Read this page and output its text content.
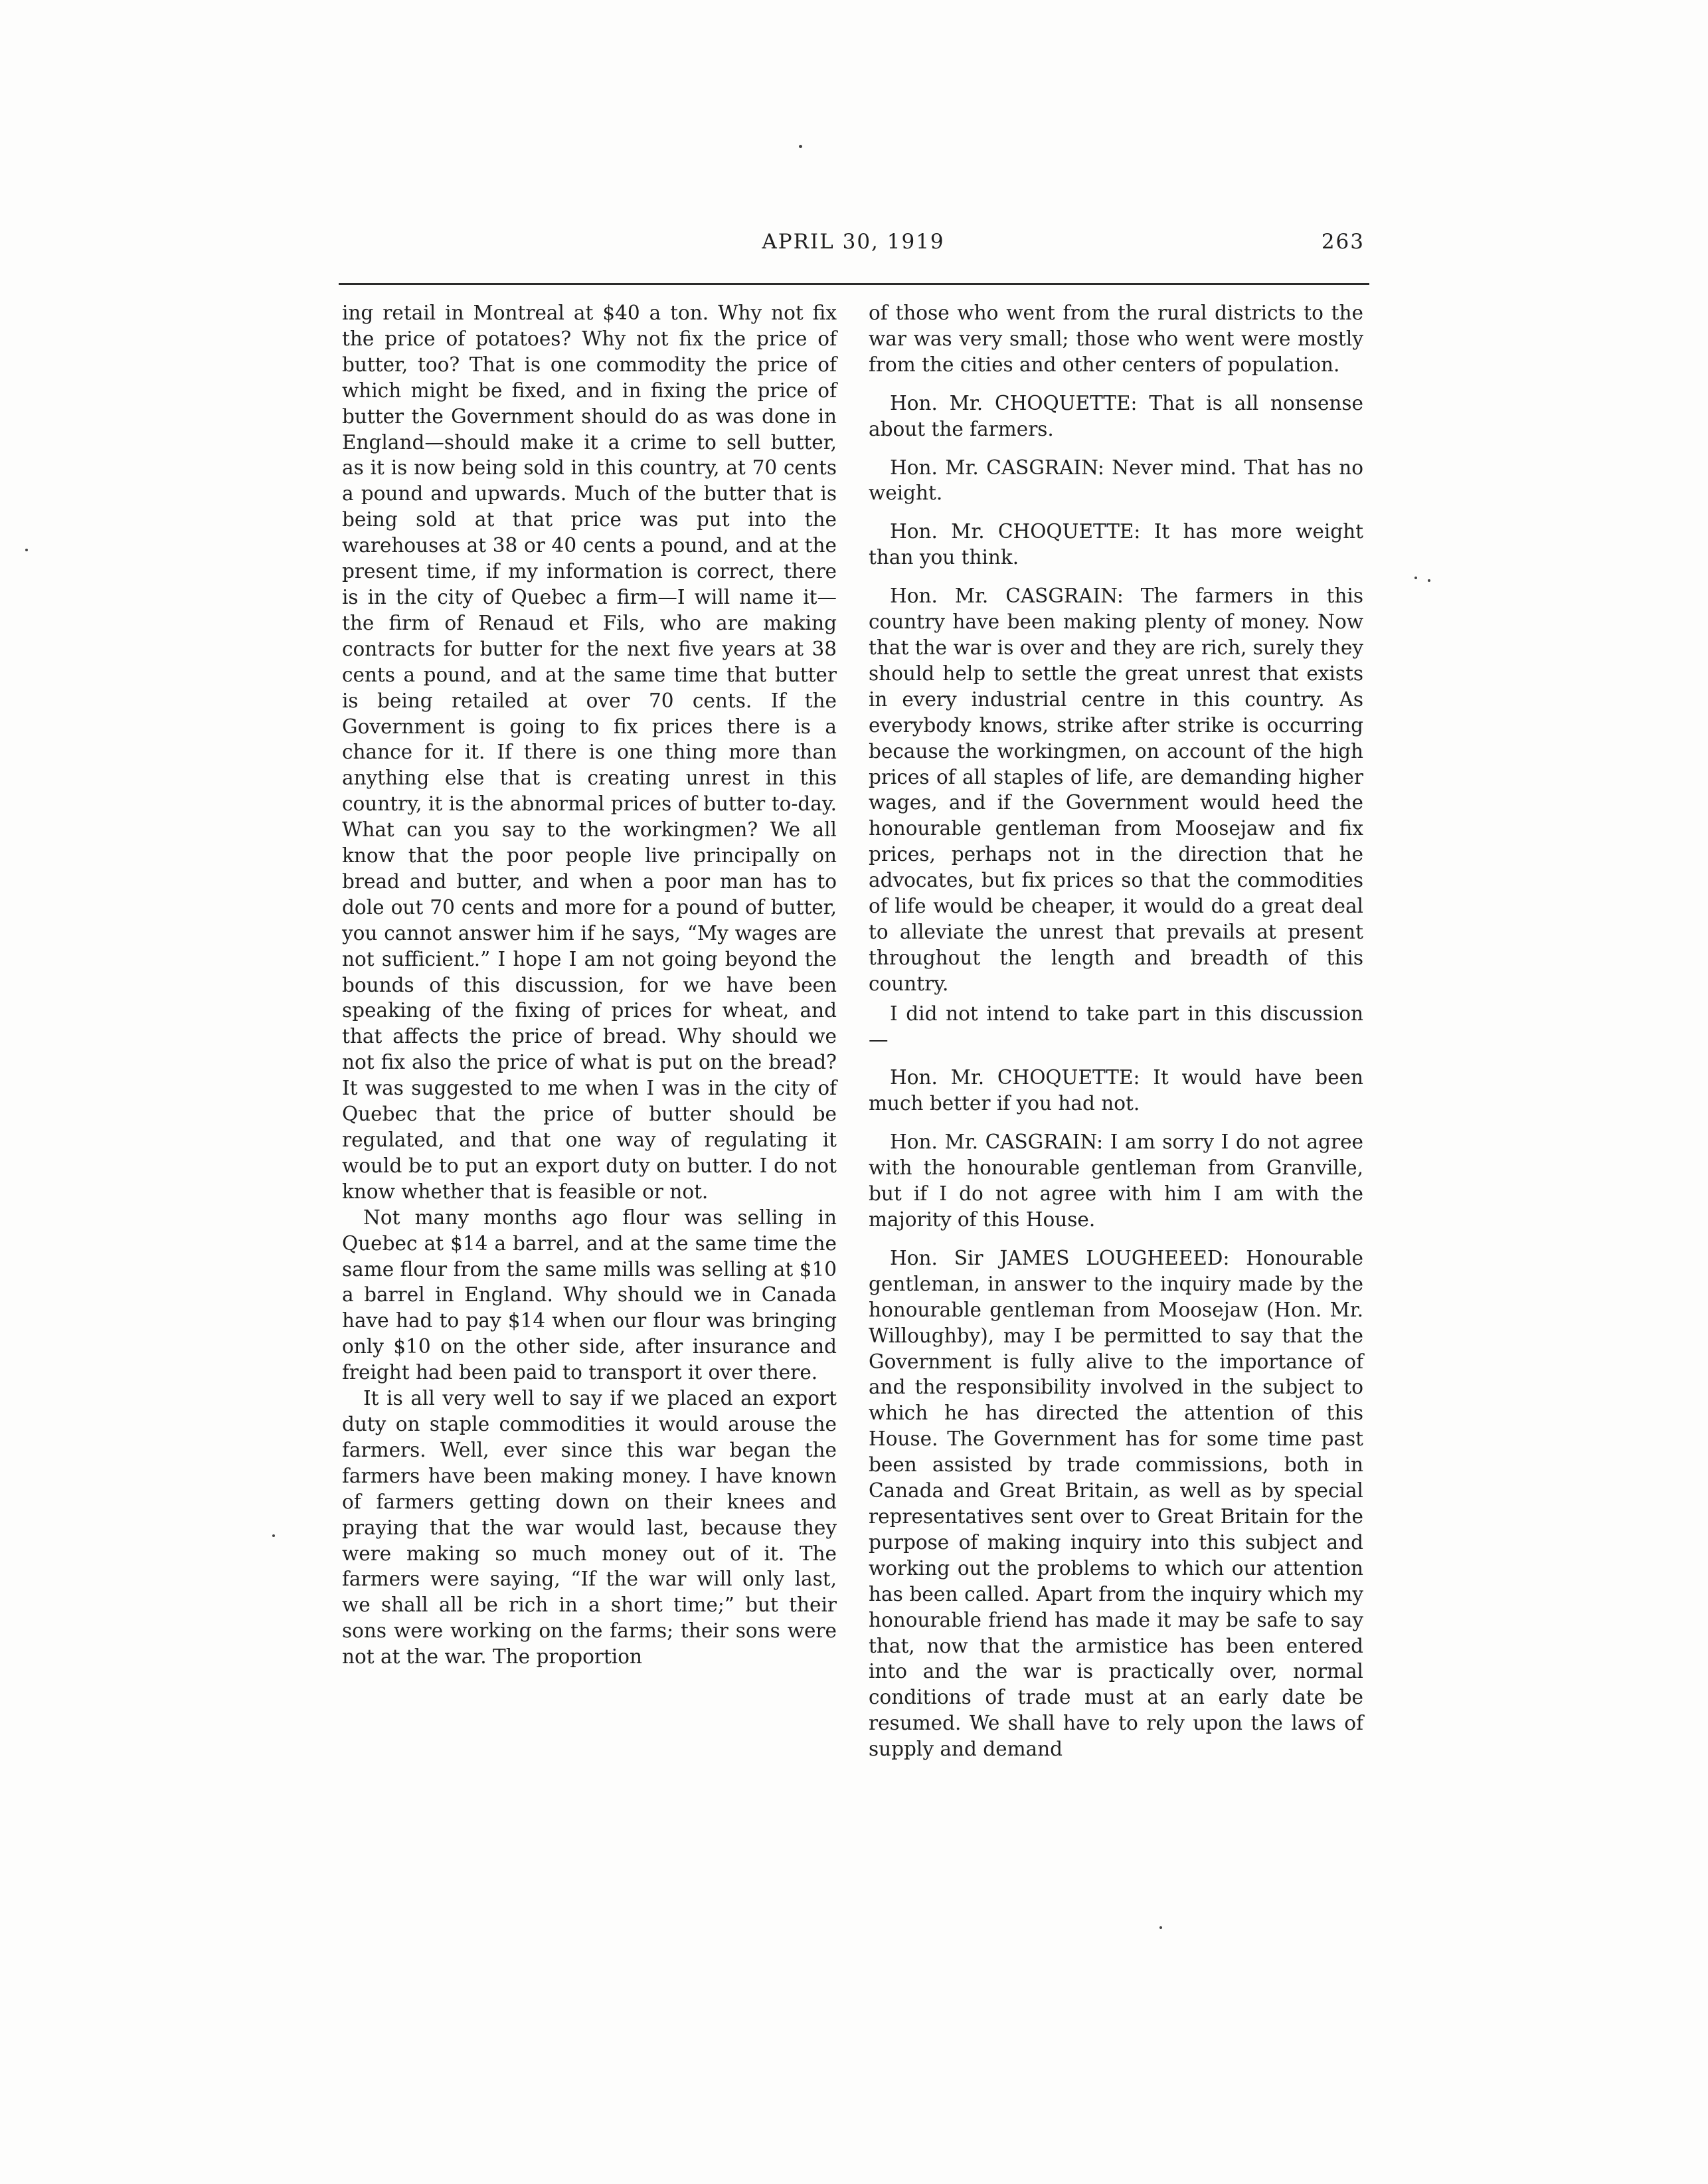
APRIL 30, 1919	263

ing retail in Montreal at $40 a ton. Why not fix the price of potatoes? Why not fix the price of butter, too? That is one commodity the price of which might be fixed, and in fixing the price of butter the Government should do as was done in England—should make it a crime to sell butter, as it is now being sold in this country, at 70 cents a pound and upwards. Much of the butter that is being sold at that price was put into the warehouses at 38 or 40 cents a pound, and at the present time, if my information is correct, there is in the city of Quebec a firm—I will name it—the firm of Renaud et Fils, who are making contracts for butter for the next five years at 38 cents a pound, and at the same time that butter is being retailed at over 70 cents. If the Government is going to fix prices there is a chance for it. If there is one thing more than anything else that is creating unrest in this country, it is the abnormal prices of butter to-day. What can you say to the workingmen? We all know that the poor people live principally on bread and butter, and when a poor man has to dole out 70 cents and more for a pound of butter, you cannot answer him if he says, “My wages are not sufficient.” I hope I am not going beyond the bounds of this discussion, for we have been speaking of the fixing of prices for wheat, and that affects the price of bread. Why should we not fix also the price of what is put on the bread? It was suggested to me when I was in the city of Quebec that the price of butter should be regulated, and that one way of regulating it would be to put an export duty on butter. I do not know whether that is feasible or not.

Not many months ago flour was selling in Quebec at $14 a barrel, and at the same time the same flour from the same mills was selling at $10 a barrel in England. Why should we in Canada have had to pay $14 when our flour was bringing only $10 on the other side, after insurance and freight had been paid to transport it over there.

It is all very well to say if we placed an export duty on staple commodities it would arouse the farmers. Well, ever since this war began the farmers have been making money. I have known of farmers getting down on their knees and praying that the war would last, because they were making so much money out of it. The farmers were saying, “If the war will only last, we shall all be rich in a short time;” but their sons were working on the farms; their sons were not at the war. The proportion

of those who went from the rural districts to the war was very small; those who went were mostly from the cities and other centers of population.

Hon. Mr. CHOQUETTE: That is all nonsense about the farmers.

Hon. Mr. CASGRAIN: Never mind. That has no weight.

Hon. Mr. CHOQUETTE: It has more weight than you think.

Hon. Mr. CASGRAIN: The farmers in this country have been making plenty of money. Now that the war is over and they are rich, surely they should help to settle the great unrest that exists in every industrial centre in this country. As everybody knows, strike after strike is occurring because the workingmen, on account of the high prices of all staples of life, are demanding higher wages, and if the Government would heed the honourable gentleman from Moosejaw and fix prices, perhaps not in the direction that he advocates, but fix prices so that the commodities of life would be cheaper, it would do a great deal to alleviate the unrest that prevails at present throughout the length and breadth of this country.

I did not intend to take part in this discussion—

Hon. Mr. CHOQUETTE: It would have been much better if you had not.

Hon. Mr. CASGRAIN: I am sorry I do not agree with the honourable gentleman from Granville, but if I do not agree with him I am with the majority of this House.

Hon. Sir JAMES LOUGHEEED: Honourable gentleman, in answer to the inquiry made by the honourable gentleman from Moosejaw (Hon. Mr. Willoughby), may I be permitted to say that the Government is fully alive to the importance of and the responsibility involved in the subject to which he has directed the attention of this House. The Government has for some time past been assisted by trade commissions, both in Canada and Great Britain, as well as by special representatives sent over to Great Britain for the purpose of making inquiry into this subject and working out the problems to which our attention has been called. Apart from the inquiry which my honourable friend has made it may be safe to say that, now that the armistice has been entered into and the war is practically over, normal conditions of trade must at an early date be resumed. We shall have to rely upon the laws of supply and demand
